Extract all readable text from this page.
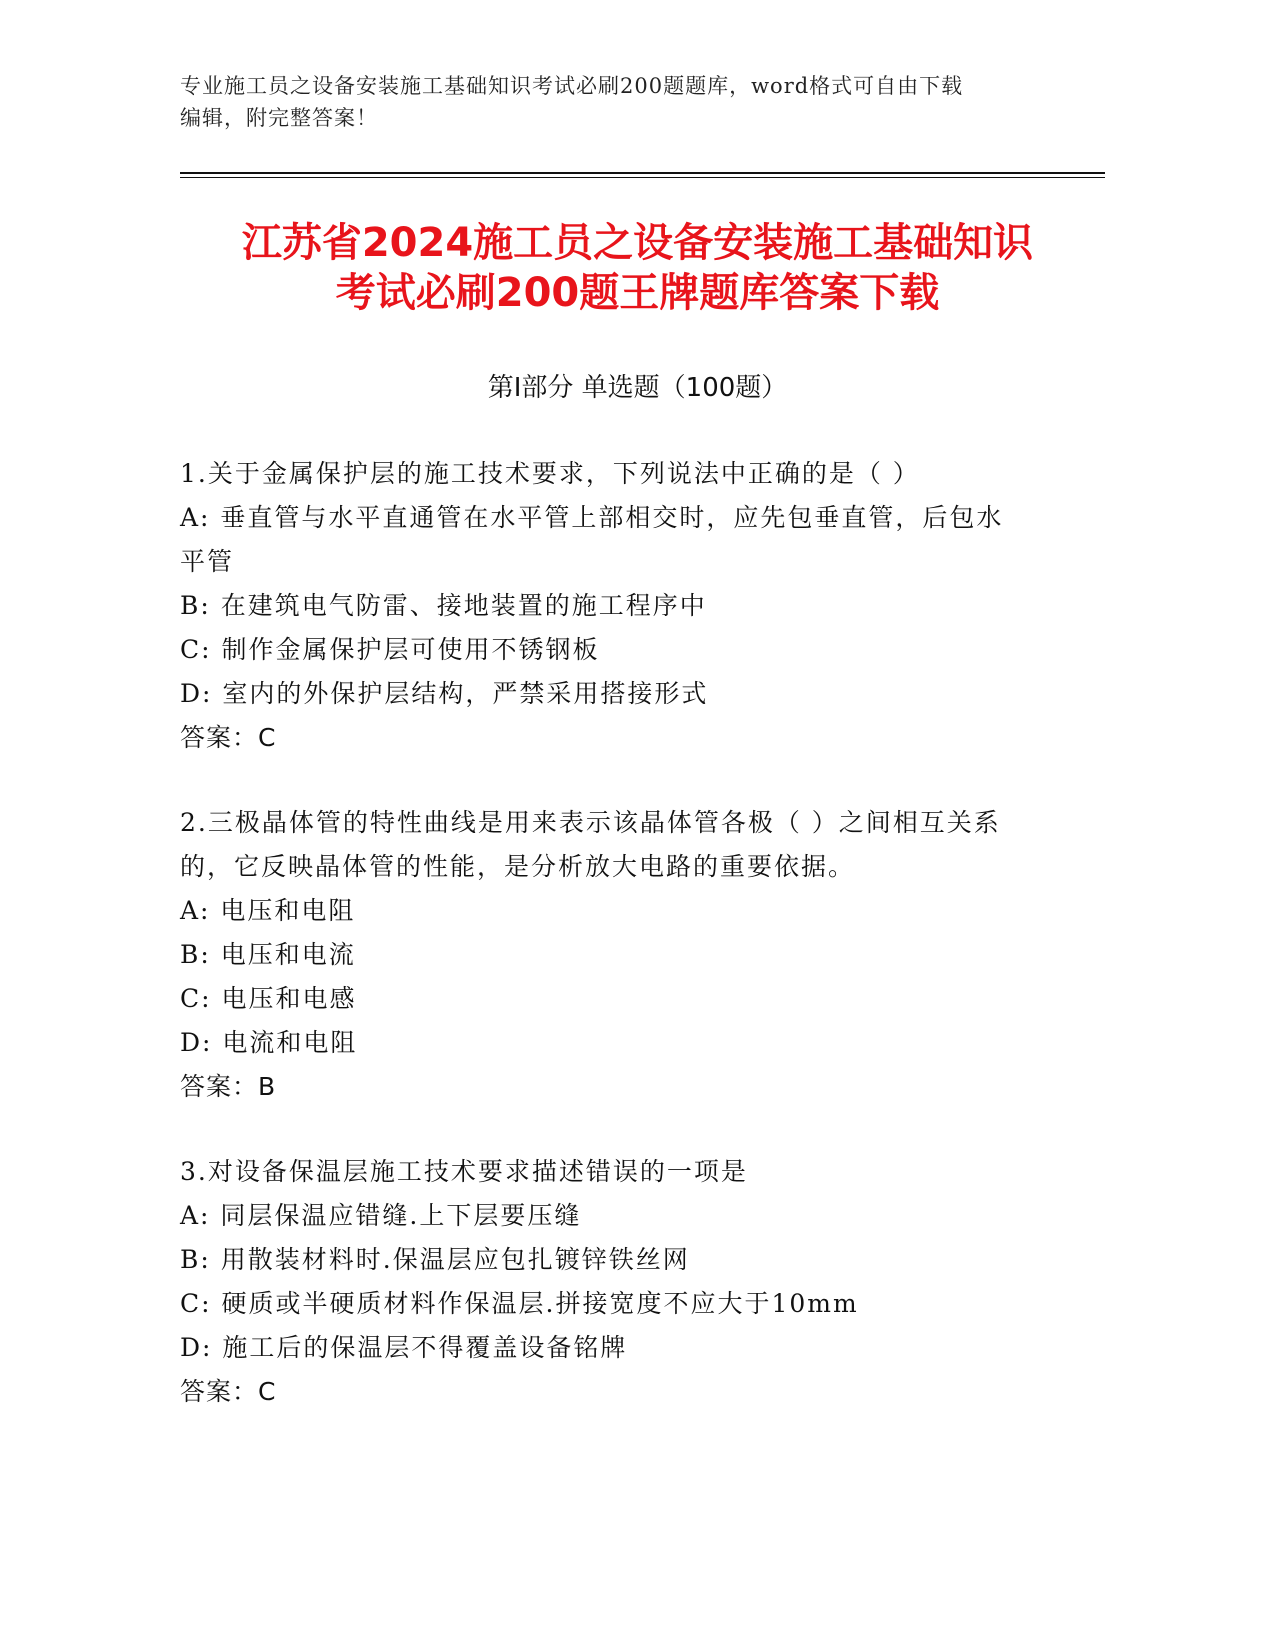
专业施工员之设备安装施工基础知识考试必刷200题题库，word格式可自由下载
编辑，附完整答案！
江苏省2024施工员之设备安装施工基础知识
考试必刷200题王牌题库答案下载
第Ⅰ部分 单选题（100题）
1.关于金属保护层的施工技术要求，下列说法中正确的是（ ）
A: 垂直管与水平直通管在水平管上部相交时，应先包垂直管，后包水
平管
B: 在建筑电气防雷、接地装置的施工程序中
C: 制作金属保护层可使用不锈钢板
D: 室内的外保护层结构，严禁采用搭接形式
答案：C
2.三极晶体管的特性曲线是用来表示该晶体管各极（ ）之间相互关系
的，它反映晶体管的性能，是分析放大电路的重要依据。
A: 电压和电阻
B: 电压和电流
C: 电压和电感
D: 电流和电阻
答案：B
3.对设备保温层施工技术要求描述错误的一项是
A: 同层保温应错缝.上下层要压缝
B: 用散装材料时.保温层应包扎镀锌铁丝网
C: 硬质或半硬质材料作保温层.拼接宽度不应大于10mm
D: 施工后的保温层不得覆盖设备铭牌
答案：C
